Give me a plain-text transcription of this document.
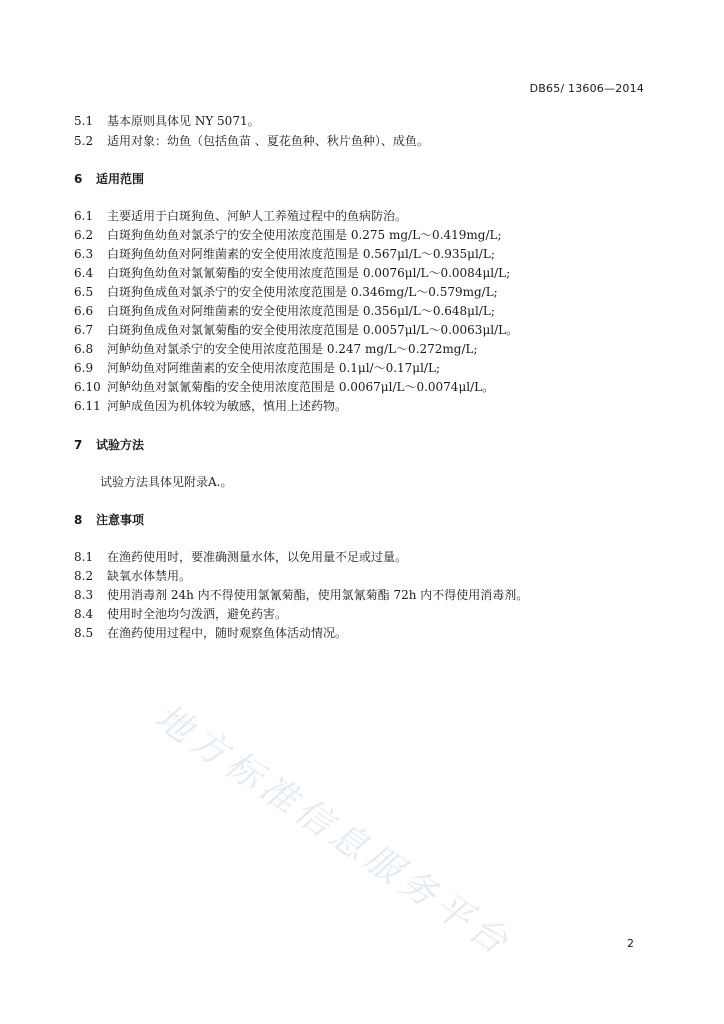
DB65/ 13606—2014
5.1 基本原则具体见 NY 5071。
5.2 适用对象：幼鱼（包括鱼苗 、夏花鱼种、秋片鱼种）、成鱼。
6 适用范围
6.1 主要适用于白斑狗鱼、河鲈人工养殖过程中的鱼病防治。
6.2 白斑狗鱼幼鱼对氯杀宁的安全使用浓度范围是 0.275 mg/L～0.419mg/L;
6.3 白斑狗鱼幼鱼对阿维菌素的安全使用浓度范围是 0.567μl/L～0.935μl/L;
6.4 白斑狗鱼幼鱼对氯氰菊酯的安全使用浓度范围是 0.0076μl/L～0.0084μl/L;
6.5 白斑狗鱼成鱼对氯杀宁的安全使用浓度范围是 0.346mg/L～0.579mg/L;
6.6 白斑狗鱼成鱼对阿维菌素的安全使用浓度范围是 0.356μl/L～0.648μl/L;
6.7 白斑狗鱼成鱼对氯氰菊酯的安全使用浓度范围是 0.0057μl/L～0.0063μl/L。
6.8 河鲈幼鱼对氯杀宁的安全使用浓度范围是 0.247 mg/L～0.272mg/L;
6.9 河鲈幼鱼对阿维菌素的安全使用浓度范围是 0.1μl/～0.17μl/L;
6.10 河鲈幼鱼对氯氰菊酯的安全使用浓度范围是 0.0067μl/L～0.0074μl/L。
6.11 河鲈成鱼因为机体较为敏感，慎用上述药物。
7 试验方法
试验方法具体见附录A.。
8 注意事项
8.1 在渔药使用时，要准确测量水体，以免用量不足或过量。
8.2 缺氧水体禁用。
8.3 使用消毒剂 24h 内不得使用氯氰菊酯，使用氯氰菊酯 72h 内不得使用消毒剂。
8.4 使用时全池均匀泼洒，避免药害。
8.5 在渔药使用过程中，随时观察鱼体活动情况。
地方标准信息服务平台	2
